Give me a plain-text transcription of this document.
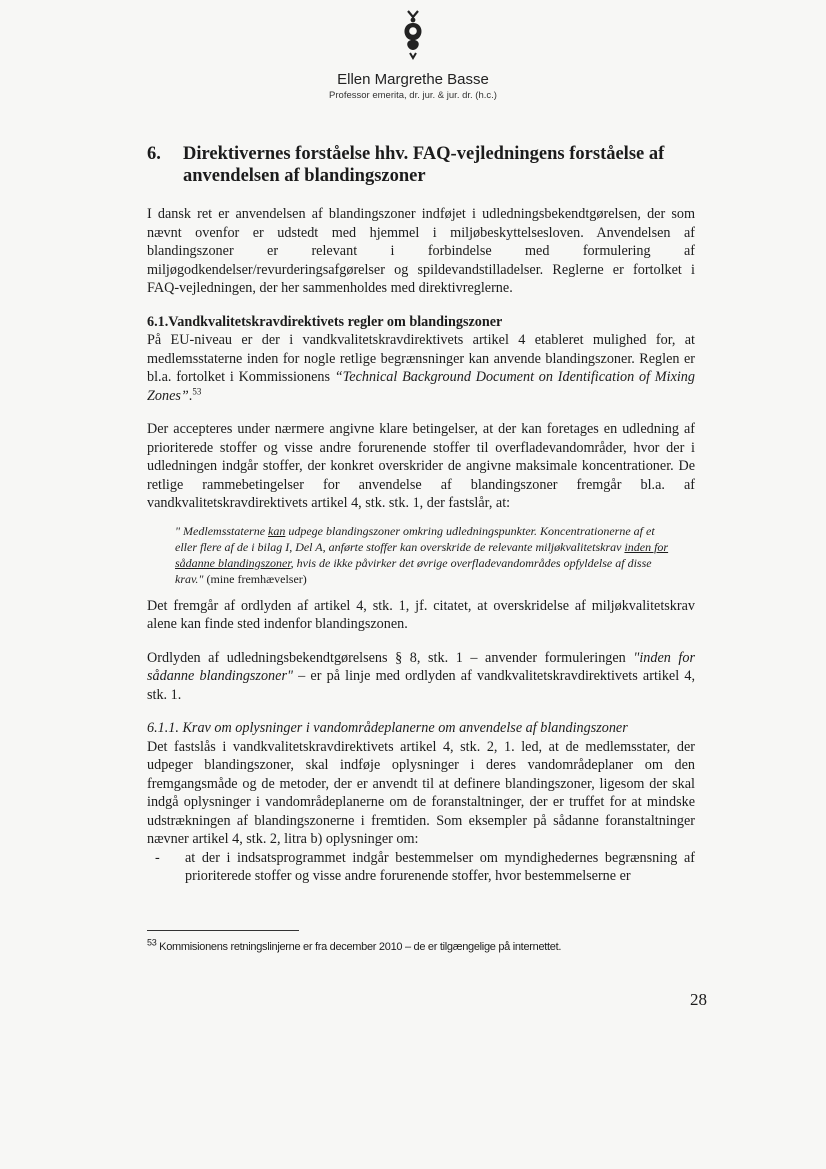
Ellen Margrethe Basse
Professor emerita, dr. jur. & jur. dr. (h.c.)
6.	Direktivernes forståelse hhv. FAQ-vejledningens forståelse af anvendelsen af blandingszoner

I dansk ret er anvendelsen af blandingszoner indføjet i udledningsbekendtgørelsen, der som nævnt ovenfor er udstedt med hjemmel i miljøbeskyttelsesloven. Anvendelsen af blandingszoner er relevant i forbindelse med formulering af miljøgodkendelser/revurderingsafgørelser og spildevandstilladelser. Reglerne er fortolket i FAQ-vejledningen, der her sammenholdes med direktivreglerne.

6.1.Vandkvalitetskravdirektivets regler om blandingszoner

På EU-niveau er der i vandkvalitetskravdirektivets artikel 4 etableret mulighed for, at medlemsstaterne inden for nogle retlige begrænsninger kan anvende blandingszoner. Reglen er bl.a. fortolket i Kommissionens “Technical Background Document on Identification of Mixing Zones”.$^{53}$

Der accepteres under nærmere angivne klare betingelser, at der kan foretages en udledning af prioriterede stoffer og visse andre forurenende stoffer til overfladevandområder, hvor der i udledningen indgår stoffer, der konkret overskrider de angivne maksimale koncentrationer. De retlige rammebetingelser for anvendelse af blandingszoner fremgår bl.a. af vandkvalitetskravdirektivets artikel 4, stk. stk. 1, der fastslår, at:

" Medlemsstaterne kan udpege blandingszoner omkring udledningspunkter. Koncentrationerne af et eller flere af de i bilag I, Del A, anførte stoffer kan overskride de relevante miljøkvalitetskrav inden for sådanne blandingszoner, hvis de ikke påvirker det øvrige overfladevandområdes opfyldelse af disse krav." (mine fremhævelser)

Det fremgår af ordlyden af artikel 4, stk. 1, jf. citatet, at overskridelse af miljøkvalitetskrav alene kan finde sted indenfor blandingszonen.

Ordlyden af udledningsbekendtgørelsens § 8, stk. 1 – anvender formuleringen "inden for sådanne blandingszoner" – er på linje med ordlyden af vandkvalitetskravdirektivets artikel 4, stk. 1.

6.1.1. Krav om oplysninger i vandområdeplanerne om anvendelse af blandingszoner

Det fastslås i vandkvalitetskravdirektivets artikel 4, stk. 2, 1. led, at de medlemsstater, der udpeger blandingszoner, skal indføje oplysninger i deres vandområdeplaner om den fremgangsmåde og de metoder, der er anvendt til at definere blandingszoner, ligesom der skal indgå oplysninger i vandområdeplanerne om de foranstaltninger, der er truffet for at mindske udstrækningen af blandingszonerne i fremtiden. Som eksempler på sådanne foranstaltninger nævner artikel 4, stk. 2, litra b) oplysninger om:

-	at der i indsatsprogrammet indgår bestemmelser om myndighedernes begrænsning af prioriterede stoffer og visse andre forurenende stoffer, hvor bestemmelserne er
$^{53}$ Kommisionens retningslinjerne er fra december 2010 – de er tilgængelige på internettet.
28
